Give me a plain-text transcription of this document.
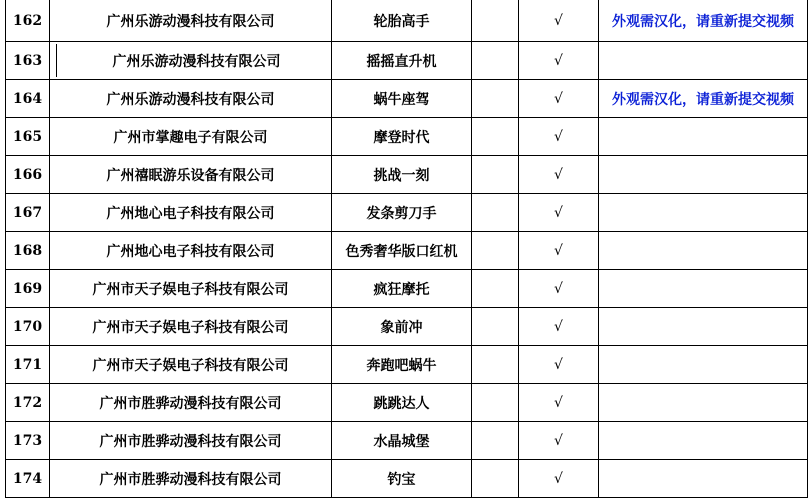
162	广州乐游动漫科技有限公司	轮胎高手		√	外观需汉化，请重新提交视频
163	广州乐游动漫科技有限公司	摇摇直升机		√	
164	广州乐游动漫科技有限公司	蜗牛座驾		√	外观需汉化，请重新提交视频
165	广州市掌趣电子有限公司	摩登时代		√	
166	广州禧眠游乐设备有限公司	挑战一刻		√	
167	广州地心电子科技有限公司	发条剪刀手		√	
168	广州地心电子科技有限公司	色秀奢华版口红机		√	
169	广州市天子娱电子科技有限公司	疯狂摩托		√	
170	广州市天子娱电子科技有限公司	象前冲		√	
171	广州市天子娱电子科技有限公司	奔跑吧蜗牛		√	
172	广州市胜骅动漫科技有限公司	跳跳达人		√	
173	广州市胜骅动漫科技有限公司	水晶城堡		√	
174	广州市胜骅动漫科技有限公司	钓宝		√	
